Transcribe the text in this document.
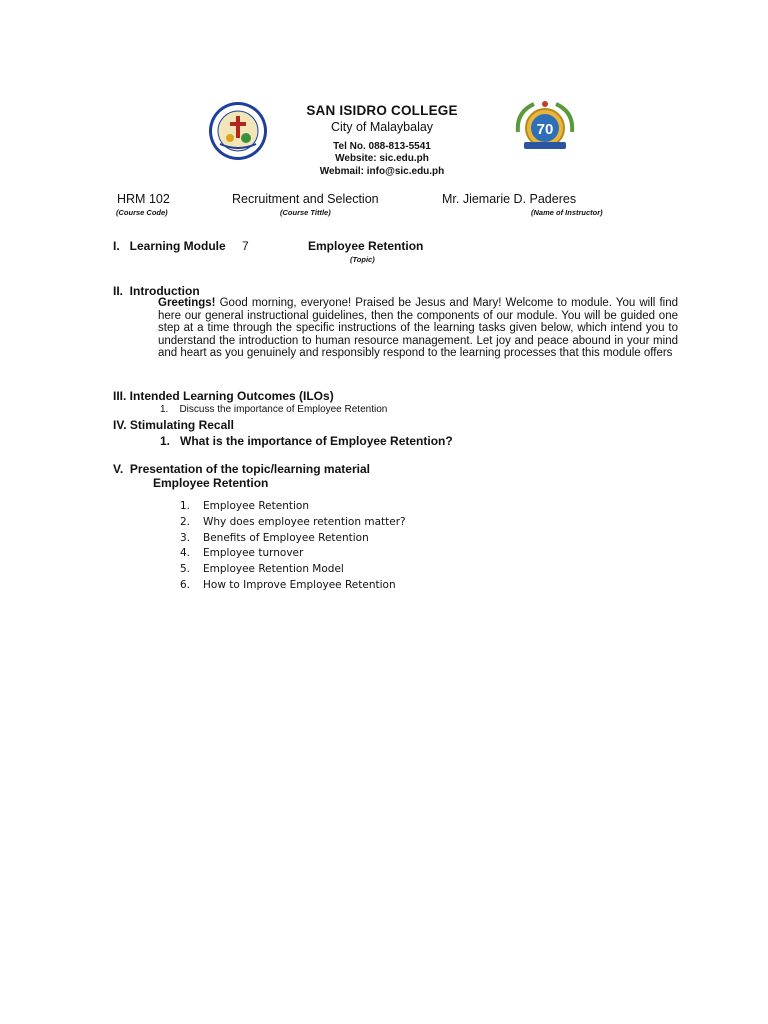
70
SAN ISIDRO COLLEGE
City of Malaybalay
Tel No. 088-813-5541
Website: sic.edu.ph
Webmail: info@sic.edu.ph
HRM 102
(Course Code)
Recruitment and Selection
(Course Tittle)
Mr. Jiemarie D. Paderes
(Name of Instructor)
I.   Learning Module 7	Employee Retention
(Topic)
II.  Introduction
Greetings! Good morning, everyone! Praised be Jesus and Mary! Welcome to module. You will find here our general instructional guidelines, then the components of our module. You will be guided one step at a time through the specific instructions of the learning tasks given below, which intend you to understand the introduction to human resource management. Let joy and peace abound in your mind and heart as you genuinely and responsibly respond to the learning processes that this module offers
III. Intended Learning Outcomes (ILOs)
1.    Discuss the importance of Employee Retention
IV. Stimulating Recall
1.   What is the importance of Employee Retention?
V.  Presentation of the topic/learning material
Employee Retention
1.	Employee Retention
2.	Why does employee retention matter?
3.	Benefits of Employee Retention
4.	Employee turnover
5.	Employee Retention Model
6.	How to Improve Employee Retention
